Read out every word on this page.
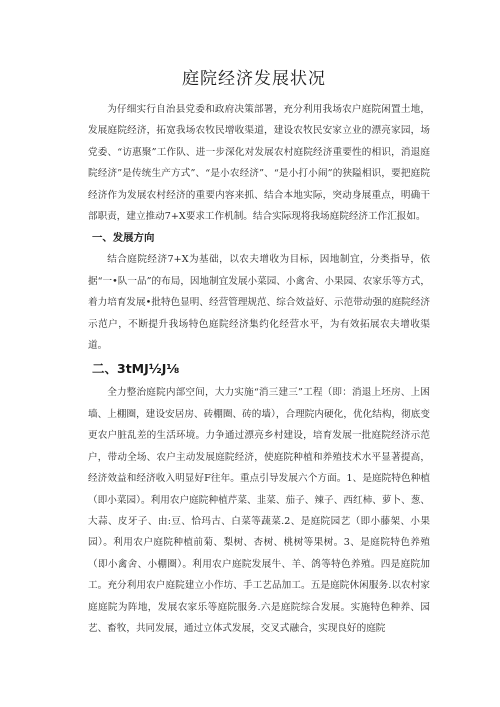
庭院经济发展状况

为仔细实行自治县党委和政府决策部署，充分利用我场农户庭院闲置土地，发展庭院经济，拓宽我场农牧民增收渠道，建设农牧民安家立业的漂亮家园，场党委、“访惠聚”工作队、进一步深化对发展农村庭院经济重要性的相识，消退庭院经济”是传统生产方式”、“是小农经济”、“是小打小闹”的狭隘相识，要把庭院经济作为发展农村经济的重要内容来抓、结合本地实际，突动身展重点，明确干部职责，建立推动7+X要求工作机制。结合实际现将我场庭院经济工作汇报如。

一、发展方向

结合庭院经济7+X为基础，以农夫增收为目标，因地制宜，分类指导，依据“一•队一品”的布局，因地制宜发展小菜园、小禽舍、小果园、农家乐等方式，着力培育发展•批特色显明、经营管理规范、综合效益好、示范带动强的庭院经济示范户，不断提升我场特色庭院经济集约化经营水平，为有效拓展农夫增收渠道。

二、3tMJ½J⅛

全力整治庭院内部空间，大力实施“消三建三”工程（即：消退上坯房、上困墙、上棚圈，建设安居房、砖棚圈、砖的墙），合理院内硬化，优化结构，彻底变更农户脏乱差的生活环境。力争通过漂亮乡村建设，培育发展一批庭院经济示范户，带动全场、农户主动发展庭院经济，使庭院种植和养殖技术水平显著提高，经济效益和经济收入明显好F往年。重点引导发展六个方面。1、是庭院特色种植（即小菜园）。利用农户庭院种植芹菜、韭菜、茄子、辣子、西红柿、萝卜、葱、大蒜、皮牙子、由:豆、恰玛古、白菜等蔬菜.2、是庭院园艺（即小藤架、小果园）。利用农户庭院种植前菊、梨树、杏树、桃树等果树。3、是庭院特色养殖（即小禽舍、小棚圈）。利用农户庭院发展牛、羊、鸽等特色养殖。四是庭院加工。充分利用农户庭院建立小作坊、手工艺品加工。五是庭院休闲服务.以农村家庭庭院为阵地，发展农家乐等庭院服务.六是庭院综合发展。实施特色种养、园艺、畜牧，共同发展，通过立体式发展，交叉式融合，实现良好的庭院
